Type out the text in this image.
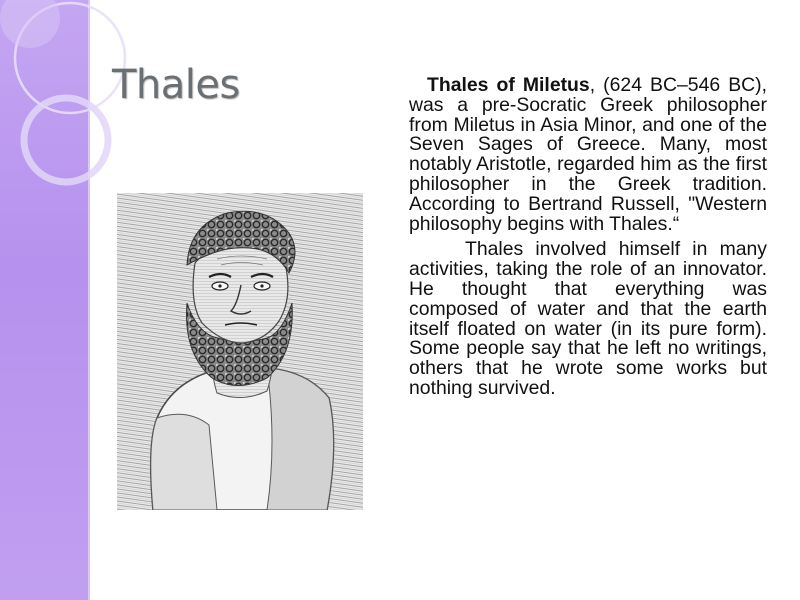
Thales	Thales of Miletus, (624 BC–546 BC), was a pre-Socratic Greek philosopher from Miletus in Asia Minor, and one of the Seven Sages of Greece. Many, most notably Aristotle, regarded him as the first philosopher in the Greek tradition. According to Bertrand Russell, "Western philosophy begins with Thales.“

Thales involved himself in many activities, taking the role of an innovator. He thought that everything was composed of water and that the earth itself floated on water (in its pure form). Some people say that he left no writings, others that he wrote some works but nothing survived.
